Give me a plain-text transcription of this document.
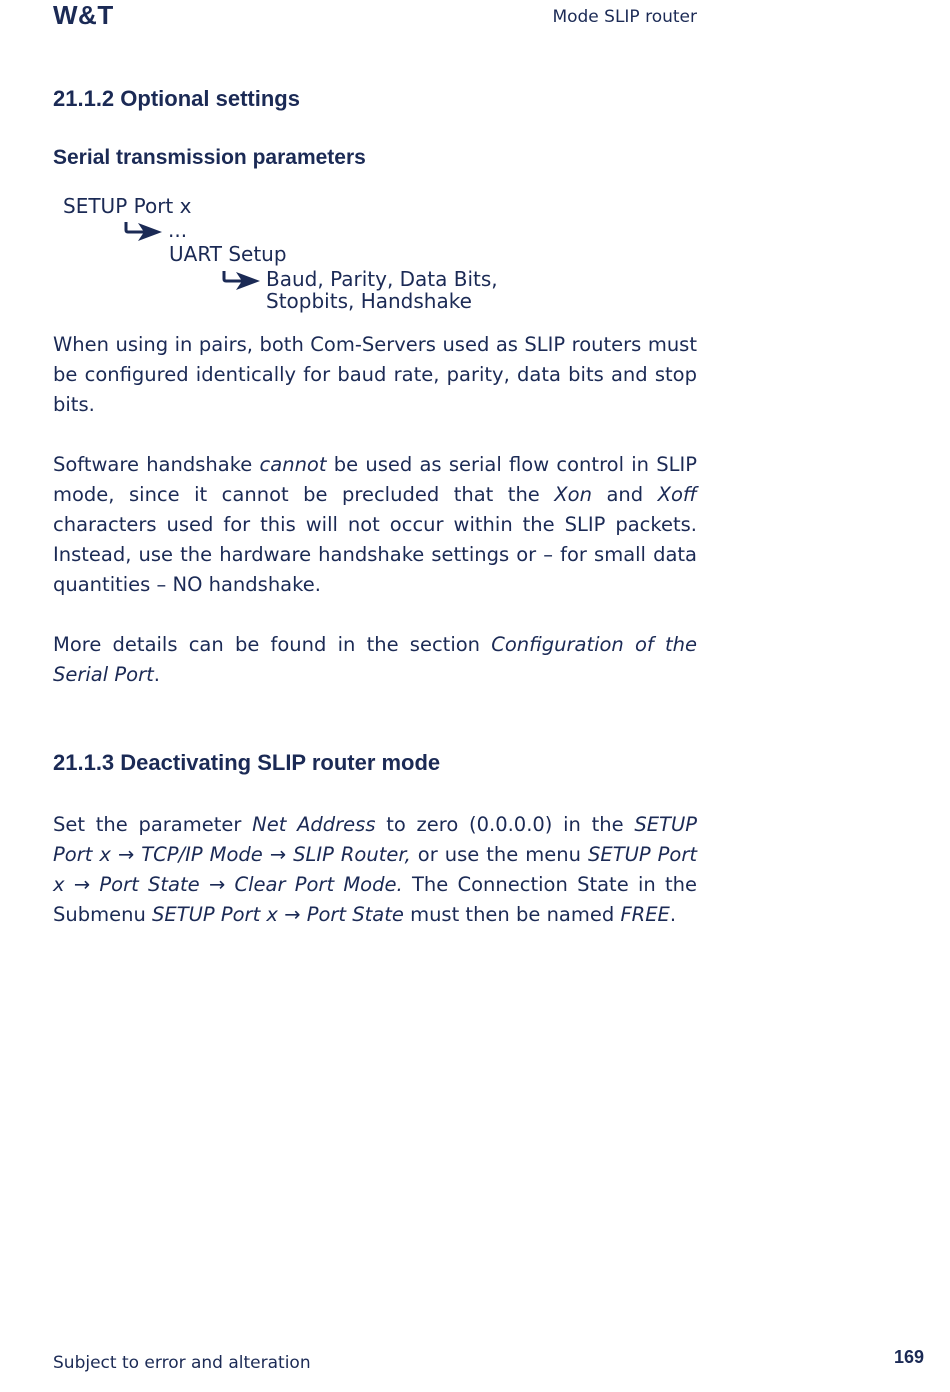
W&T	Mode SLIP router
21.1.2 Optional settings
Serial transmission parameters
SETUP Port x
...
UART Setup
Baud, Parity, Data Bits,
Stopbits, Handshake

When using in pairs, both Com-Servers used as SLIP routers must be configured identically for baud rate, parity, data bits and stop bits.

Software handshake cannot be used as serial flow control in SLIP mode, since it cannot be precluded that the Xon and Xoff characters used for this will not occur within the SLIP packets. Instead, use the hardware handshake settings or – for small data quantities – NO handshake.

More details can be found in the section Configuration of the Serial Port.

21.1.3 Deactivating SLIP router mode

Set the parameter Net Address to zero (0.0.0.0) in the SETUP Port x → TCP/IP Mode → SLIP Router, or use the menu SETUP Port x → Port State → Clear Port Mode. The Connection State in the Submenu SETUP Port x → Port State must then be named FREE.

Subject to error and alteration	169
